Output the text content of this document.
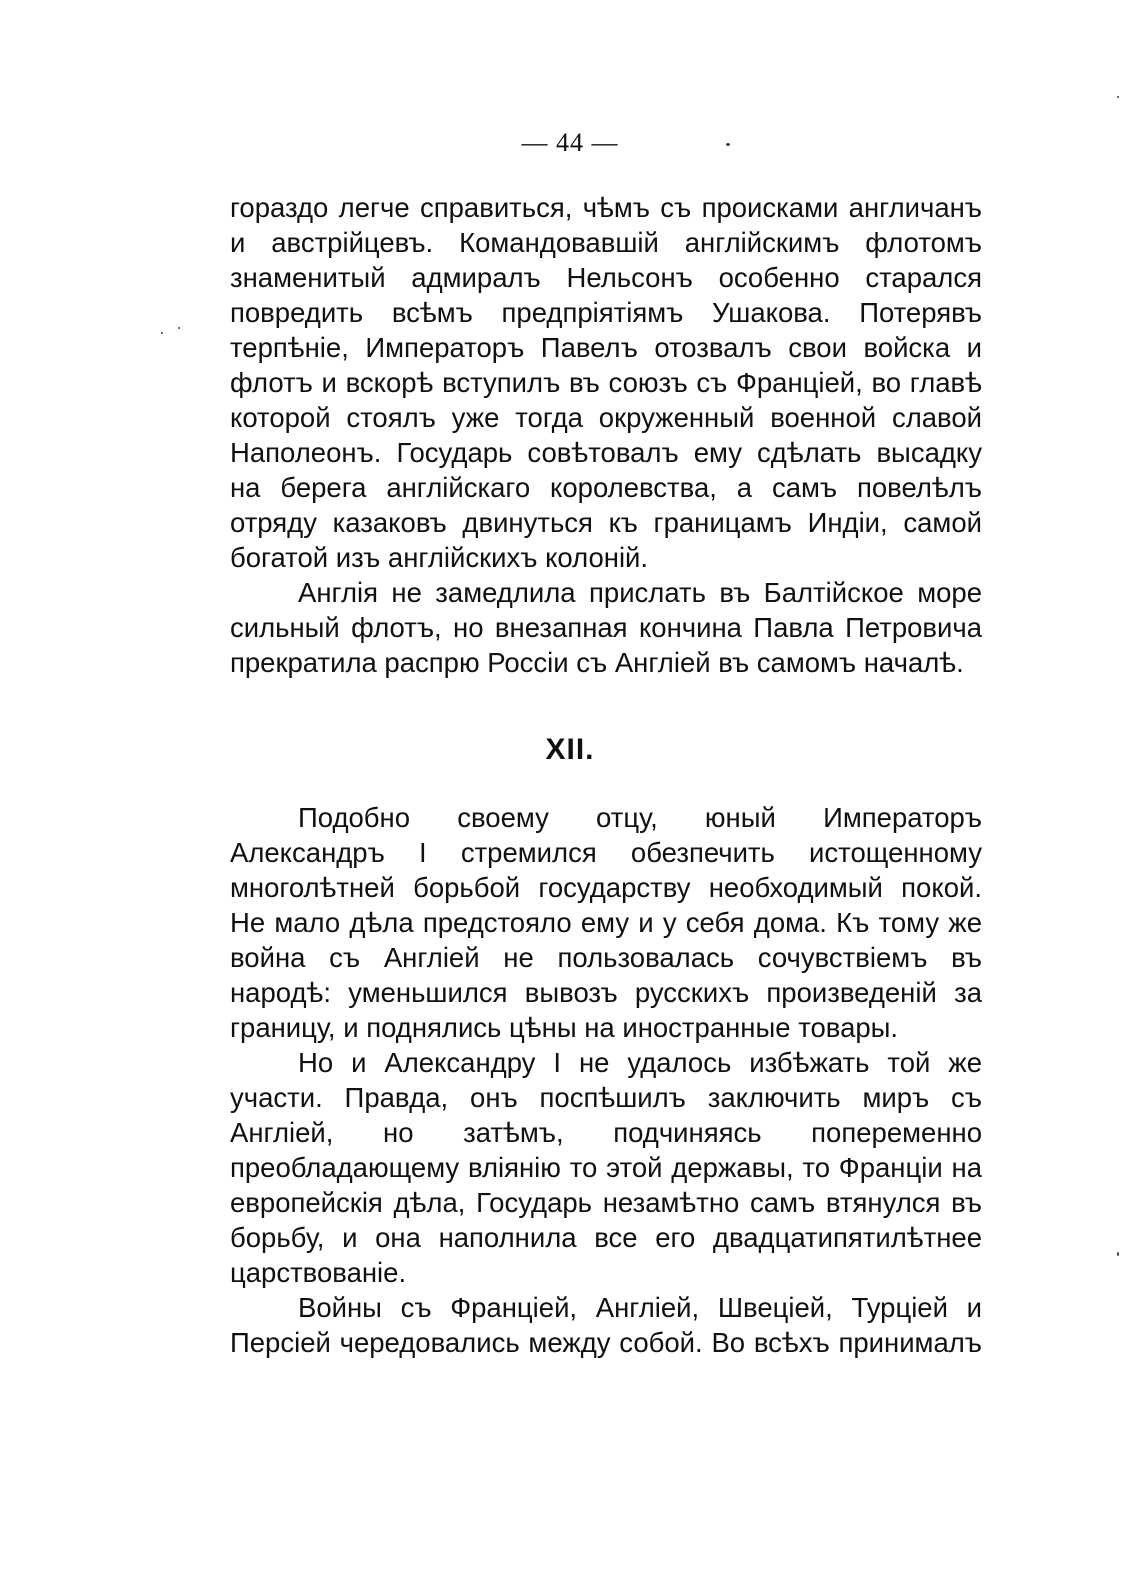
— 44 —

гораздо легче справиться, чѣмъ съ происками англичанъ и австрійцевъ. Командовавшій англійскимъ флотомъ знаменитый адмиралъ Нельсонъ особенно старался повредить всѣмъ предпріятіямъ Ушакова. Потерявъ терпѣніе, Императоръ Павелъ отозвалъ свои войска и флотъ и вскорѣ вступилъ въ союзъ съ Франціей, во главѣ которой стоялъ уже тогда окруженный военной славой Наполеонъ. Государь совѣтовалъ ему сдѣлать высадку на берега англійскаго королевства, а самъ повелѣлъ отряду казаковъ двинуться къ границамъ Индіи, самой богатой изъ англійскихъ колоній.

Англія не замедлила прислать въ Балтійское море сильный флотъ, но внезапная кончина Павла Петровича прекратила распрю Россіи съ Англіей въ самомъ началѣ.

XII.

Подобно своему отцу, юный Императоръ Александръ I стремился обезпечить истощенному многолѣтней борьбой государству необходимый покой. Не мало дѣла предстояло ему и у себя дома. Къ тому же война съ Англіей не пользовалась сочувствіемъ въ народѣ: уменьшился вывозъ русскихъ произведеній за границу, и поднялись цѣны на иностранные товары.

Но и Александру I не удалось избѣжать той же участи. Правда, онъ поспѣшилъ заключить миръ съ Англіей, но затѣмъ, подчиняясь попеременно преобладающему вліянію то этой державы, то Франціи на европейскія дѣла, Государь незамѣтно самъ втянулся въ борьбу, и она наполнила все его двадцатипятилѣтнее царствованіе.

Войны съ Франціей, Англіей, Швеціей, Турціей и Персіей чередовались между собой. Во всѣхъ принималъ
